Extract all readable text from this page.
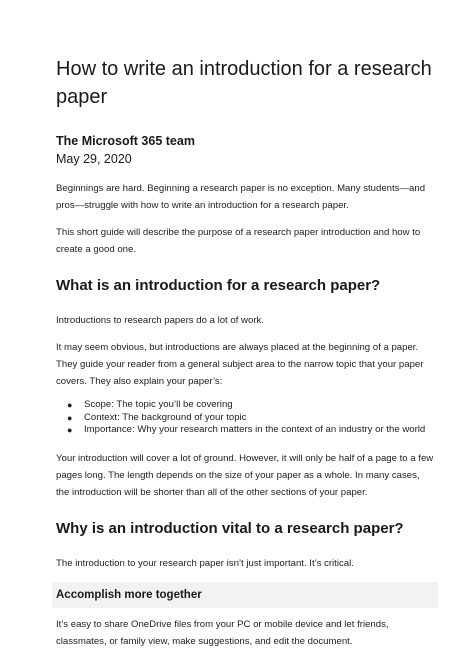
How to write an introduction for a research paper
The Microsoft 365 team
May 29, 2020

Beginnings are hard. Beginning a research paper is no exception. Many students—and pros—struggle with how to write an introduction for a research paper.

This short guide will describe the purpose of a research paper introduction and how to create a good one.

What is an introduction for a research paper?

Introductions to research papers do a lot of work.

It may seem obvious, but introductions are always placed at the beginning of a paper. They guide your reader from a general subject area to the narrow topic that your paper covers. They also explain your paper’s:

● Scope: The topic you’ll be covering
● Context: The background of your topic
● Importance: Why your research matters in the context of an industry or the world

Your introduction will cover a lot of ground. However, it will only be half of a page to a few pages long. The length depends on the size of your paper as a whole. In many cases, the introduction will be shorter than all of the other sections of your paper.

Why is an introduction vital to a research paper?

The introduction to your research paper isn’t just important. It’s critical.

Accomplish more together

It’s easy to share OneDrive files from your PC or mobile device and let friends, classmates, or family view, make suggestions, and edit the document.
